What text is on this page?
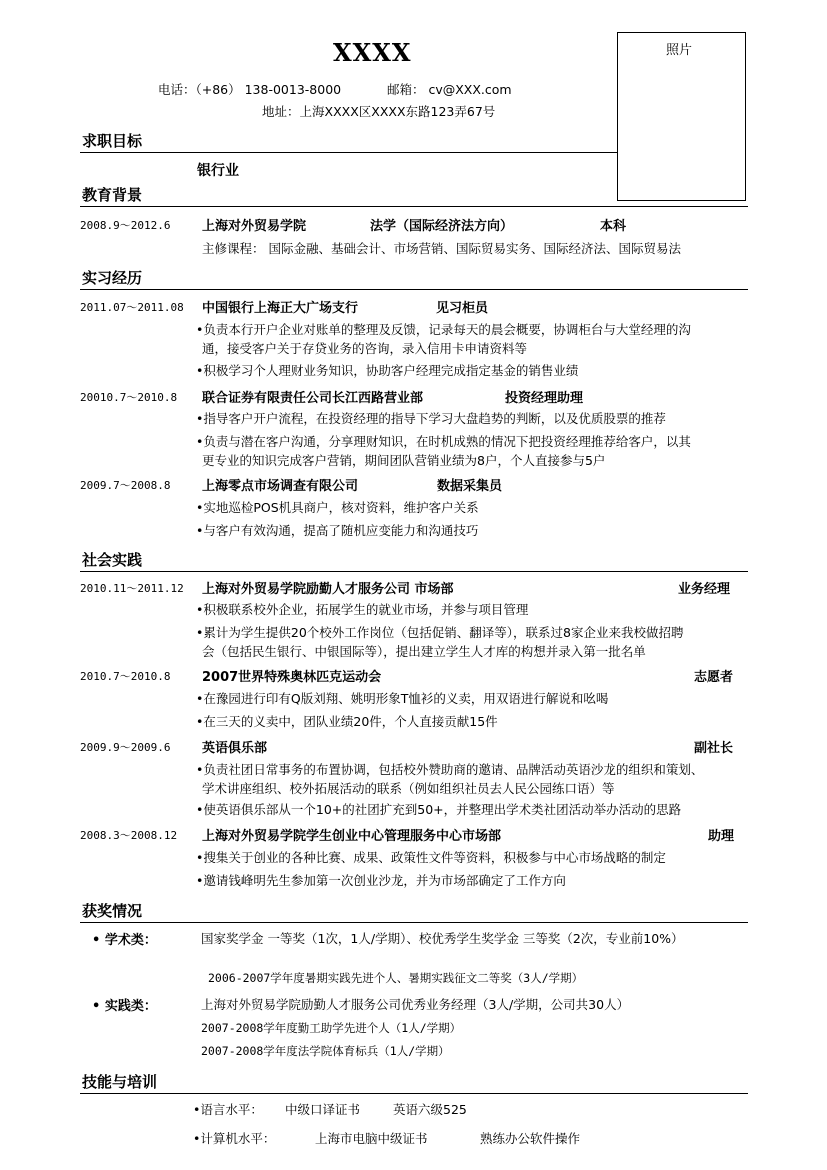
XXXX
电话：（+86） 138-0013-8000	邮箱： cv@XXX.com
地址：上海XXXX区XXXX东路123弄67号
照片
求职目标
银行业
教育背景
2008.9～2012.6 上海对外贸易学院	法学（国际经济法方向）	本科
主修课程： 国际金融、基础会计、市场营销、国际贸易实务、国际经济法、国际贸易法
实习经历
2011.07～2011.08 中国银行上海正大广场支行	见习柜员
•负责本行开户企业对账单的整理及反馈，记录每天的晨会概要，协调柜台与大堂经理的沟
通，接受客户关于存贷业务的咨询，录入信用卡申请资料等
•积极学习个人理财业务知识，协助客户经理完成指定基金的销售业绩
20010.7～2010.8 联合证券有限责任公司长江西路营业部	投资经理助理
•指导客户开户流程，在投资经理的指导下学习大盘趋势的判断，以及优质股票的推荐
•负责与潜在客户沟通，分享理财知识，在时机成熟的情况下把投资经理推荐给客户，以其
更专业的知识完成客户营销，期间团队营销业绩为8户，个人直接参与5户
2009.7～2008.8 上海零点市场调查有限公司	数据采集员
•实地巡检POS机具商户，核对资料，维护客户关系
•与客户有效沟通，提高了随机应变能力和沟通技巧
社会实践
2010.11～2011.12 上海对外贸易学院励勤人才服务公司 市场部	业务经理
•积极联系校外企业，拓展学生的就业市场，并参与项目管理
•累计为学生提供20个校外工作岗位（包括促销、翻译等），联系过8家企业来我校做招聘
会（包括民生银行、中银国际等），提出建立学生人才库的构想并录入第一批名单
2010.7～2010.8 2007世界特殊奥林匹克运动会	志愿者
•在豫园进行印有Q版刘翔、姚明形象T恤衫的义卖，用双语进行解说和吆喝
•在三天的义卖中，团队业绩20件，个人直接贡献15件
2009.9～2009.6 英语俱乐部	副社长
•负责社团日常事务的布置协调，包括校外赞助商的邀请、品牌活动英语沙龙的组织和策划、
学术讲座组织、校外拓展活动的联系（例如组织社员去人民公园练口语）等
•使英语俱乐部从一个10+的社团扩充到50+，并整理出学术类社团活动举办活动的思路
2008.3～2008.12 上海对外贸易学院学生创业中心管理服务中心市场部	助理
•搜集关于创业的各种比赛、成果、政策性文件等资料，积极参与中心市场战略的制定
•邀请钱峰明先生参加第一次创业沙龙，并为市场部确定了工作方向
获奖情况
• 学术类：	国家奖学金 一等奖（1次，1人/学期）、校优秀学生奖学金 三等奖（2次，专业前10%）
2006-2007学年度暑期实践先进个人、暑期实践征文二等奖（3人/学期）
• 实践类：	上海对外贸易学院励勤人才服务公司优秀业务经理（3人/学期，公司共30人）
2007-2008学年度勤工助学先进个人（1人/学期）
2007-2008学年度法学院体育标兵（1人/学期）
技能与培训
•语言水平： 中级口译证书	英语六级525
•计算机水平：	上海市电脑中级证书	熟练办公软件操作
